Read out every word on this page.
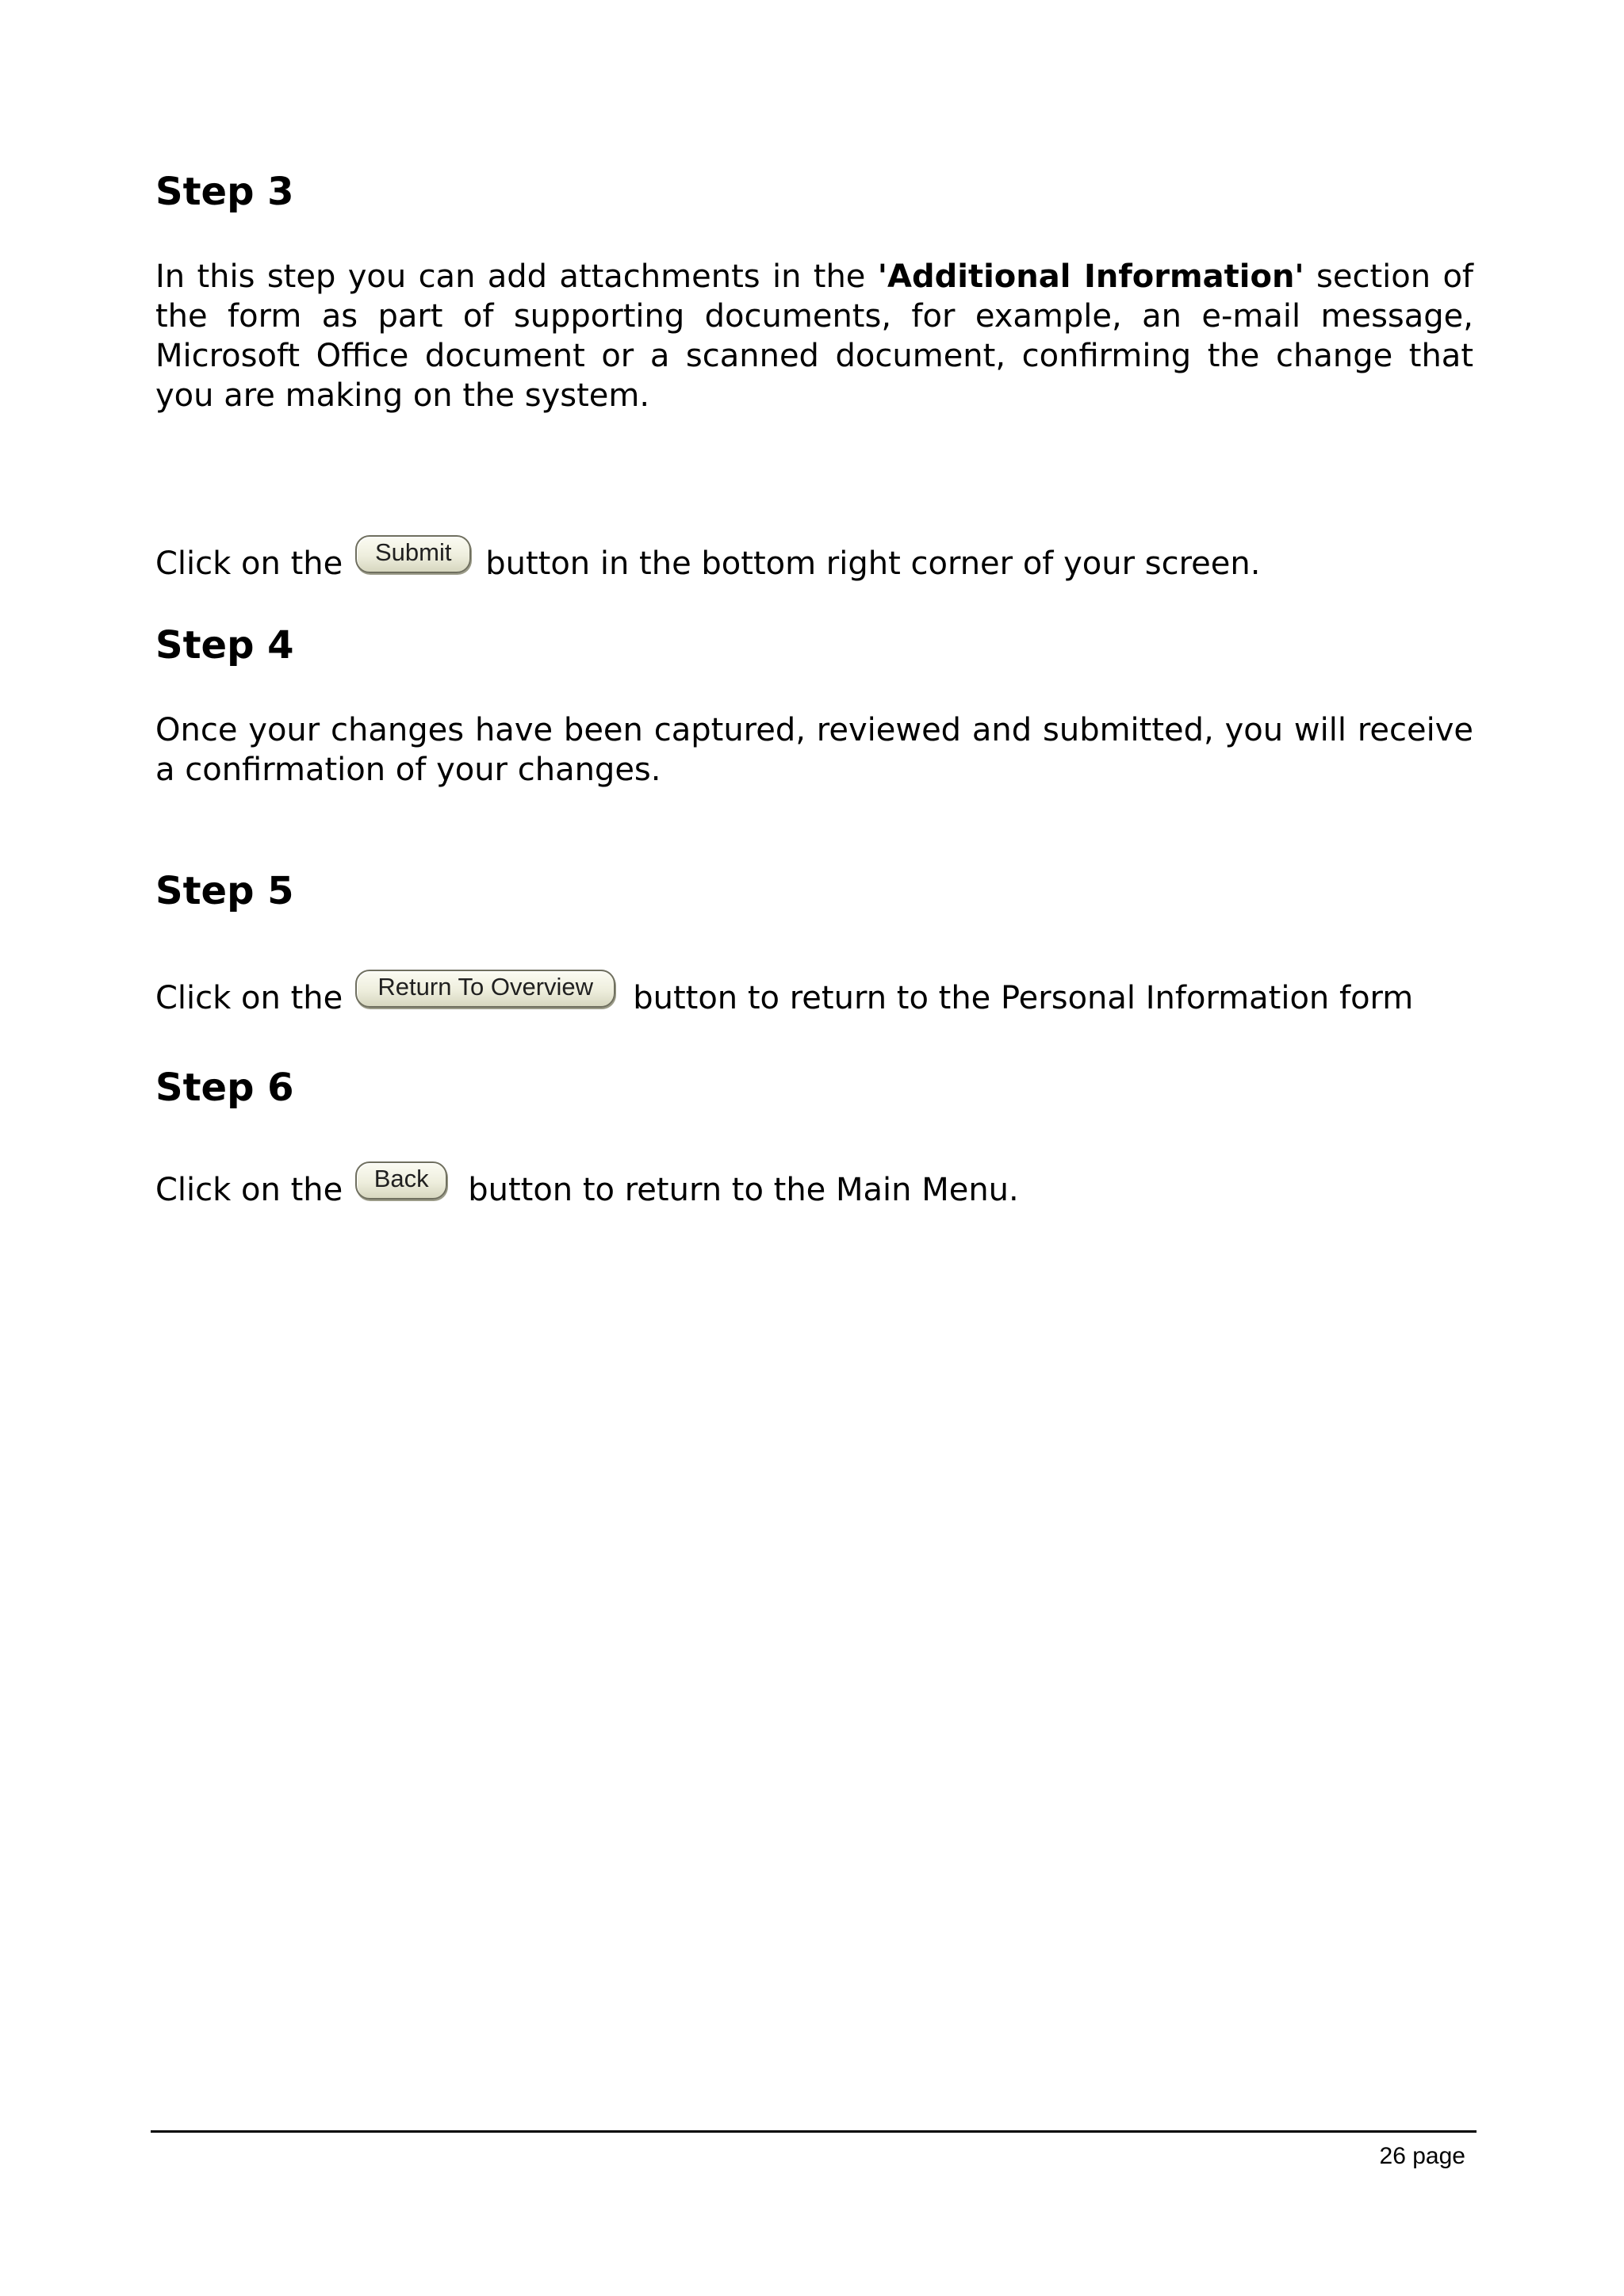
Step 3

In this step you can add attachments in the 'Additional Information' section of the form as part of supporting documents, for example, an e-mail message, Microsoft Office document or a scanned document, confirming the change that you are making on the system.

Click on the	Submit	button in the bottom right corner of your screen.
Step 4

Once your changes have been captured, reviewed and submitted, you will receive a confirmation of your changes.

Step 5
Click on the	Return To Overview	button to return to the Personal Information form
Step 6
Click on the	Back	button to return to the Main Menu.
26 page
